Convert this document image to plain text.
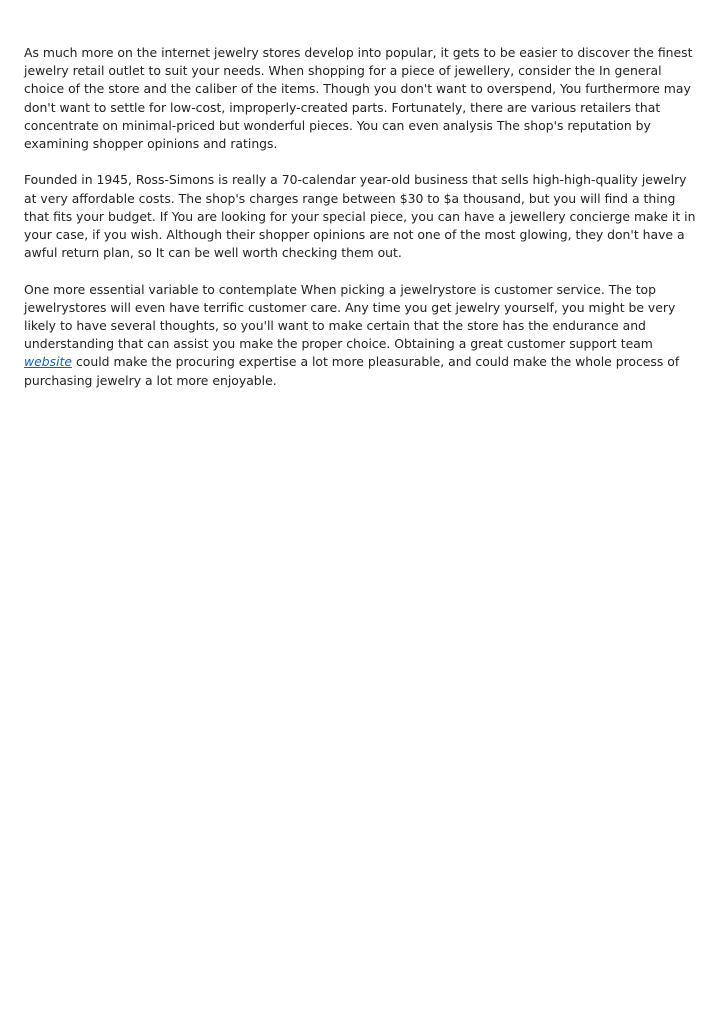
As much more on the internet jewelry stores develop into popular, it gets to be easier to discover the finest jewelry retail outlet to suit your needs. When shopping for a piece of jewellery, consider the In general choice of the store and the caliber of the items. Though you don't want to overspend, You furthermore may don't want to settle for low-cost, improperly-created parts. Fortunately, there are various retailers that concentrate on minimal-priced but wonderful pieces. You can even analysis The shop's reputation by examining shopper opinions and ratings.

Founded in 1945, Ross-Simons is really a 70-calendar year-old business that sells high-high-quality jewelry at very affordable costs. The shop's charges range between $30 to $a thousand, but you will find a thing that fits your budget. If You are looking for your special piece, you can have a jewellery concierge make it in your case, if you wish. Although their shopper opinions are not one of the most glowing, they don't have a awful return plan, so It can be well worth checking them out.

One more essential variable to contemplate When picking a jewelrystore is customer service. The top jewelrystores will even have terrific customer care. Any time you get jewelry yourself, you might be very likely to have several thoughts, so you'll want to make certain that the store has the endurance and understanding that can assist you make the proper choice. Obtaining a great customer support team website could make the procuring expertise a lot more pleasurable, and could make the whole process of purchasing jewelry a lot more enjoyable.
